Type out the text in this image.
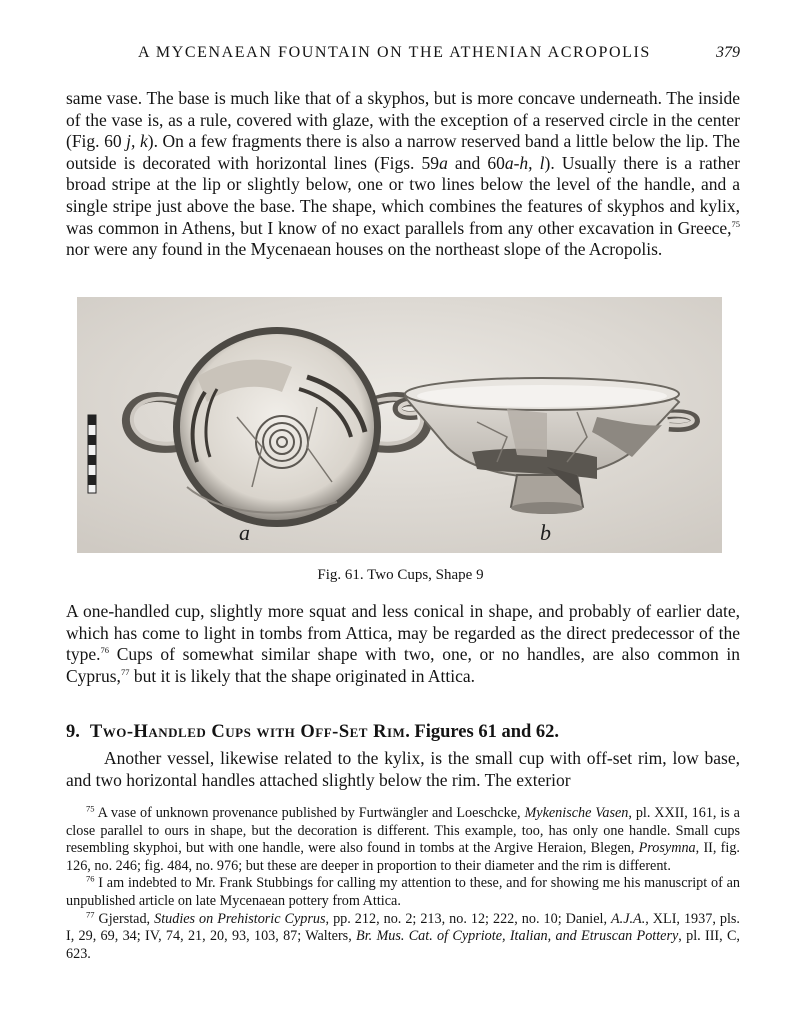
A MYCENAEAN FOUNTAIN ON THE ATHENIAN ACROPOLIS	379

same vase. The base is much like that of a skyphos, but is more concave underneath. The inside of the vase is, as a rule, covered with glaze, with the exception of a reserved circle in the center (Fig. 60 j, k). On a few fragments there is also a narrow reserved band a little below the lip. The outside is decorated with horizontal lines (Figs. 59a and 60a-h, l). Usually there is a rather broad stripe at the lip or slightly below, one or two lines below the level of the handle, and a single stripe just above the base. The shape, which combines the features of skyphos and kylix, was common in Athens, but I know of no exact parallels from any other excavation in Greece,$^{75}$ nor were any found in the Mycenaean houses on the northeast slope of the Acropolis.

a	b
Fig. 61. Two Cups, Shape 9

A one-handled cup, slightly more squat and less conical in shape, and probably of earlier date, which has come to light in tombs from Attica, may be regarded as the direct predecessor of the type.$^{76}$ Cups of somewhat similar shape with two, one, or no handles, are also common in Cyprus,$^{77}$ but it is likely that the shape originated in Attica.

9. Two-Handled Cups with Off-Set Rim. Figures 61 and 62.

Another vessel, likewise related to the kylix, is the small cup with off-set rim, low base, and two horizontal handles attached slightly below the rim. The exterior

$^{75}$ A vase of unknown provenance published by Furtwängler and Loeschcke, Mykenische Vasen, pl. XXII, 161, is a close parallel to ours in shape, but the decoration is different. This example, too, has only one handle. Small cups resembling skyphoi, but with one handle, were also found in tombs at the Argive Heraion, Blegen, Prosymna, II, fig. 126, no. 246; fig. 484, no. 976; but these are deeper in proportion to their diameter and the rim is different.

$^{76}$ I am indebted to Mr. Frank Stubbings for calling my attention to these, and for showing me his manuscript of an unpublished article on late Mycenaean pottery from Attica.

$^{77}$ Gjerstad, Studies on Prehistoric Cyprus, pp. 212, no. 2; 213, no. 12; 222, no. 10; Daniel, A.J.A., XLI, 1937, pls. I, 29, 69, 34; IV, 74, 21, 20, 93, 103, 87; Walters, Br. Mus. Cat. of Cypriote, Italian, and Etruscan Pottery, pl. III, C, 623.
